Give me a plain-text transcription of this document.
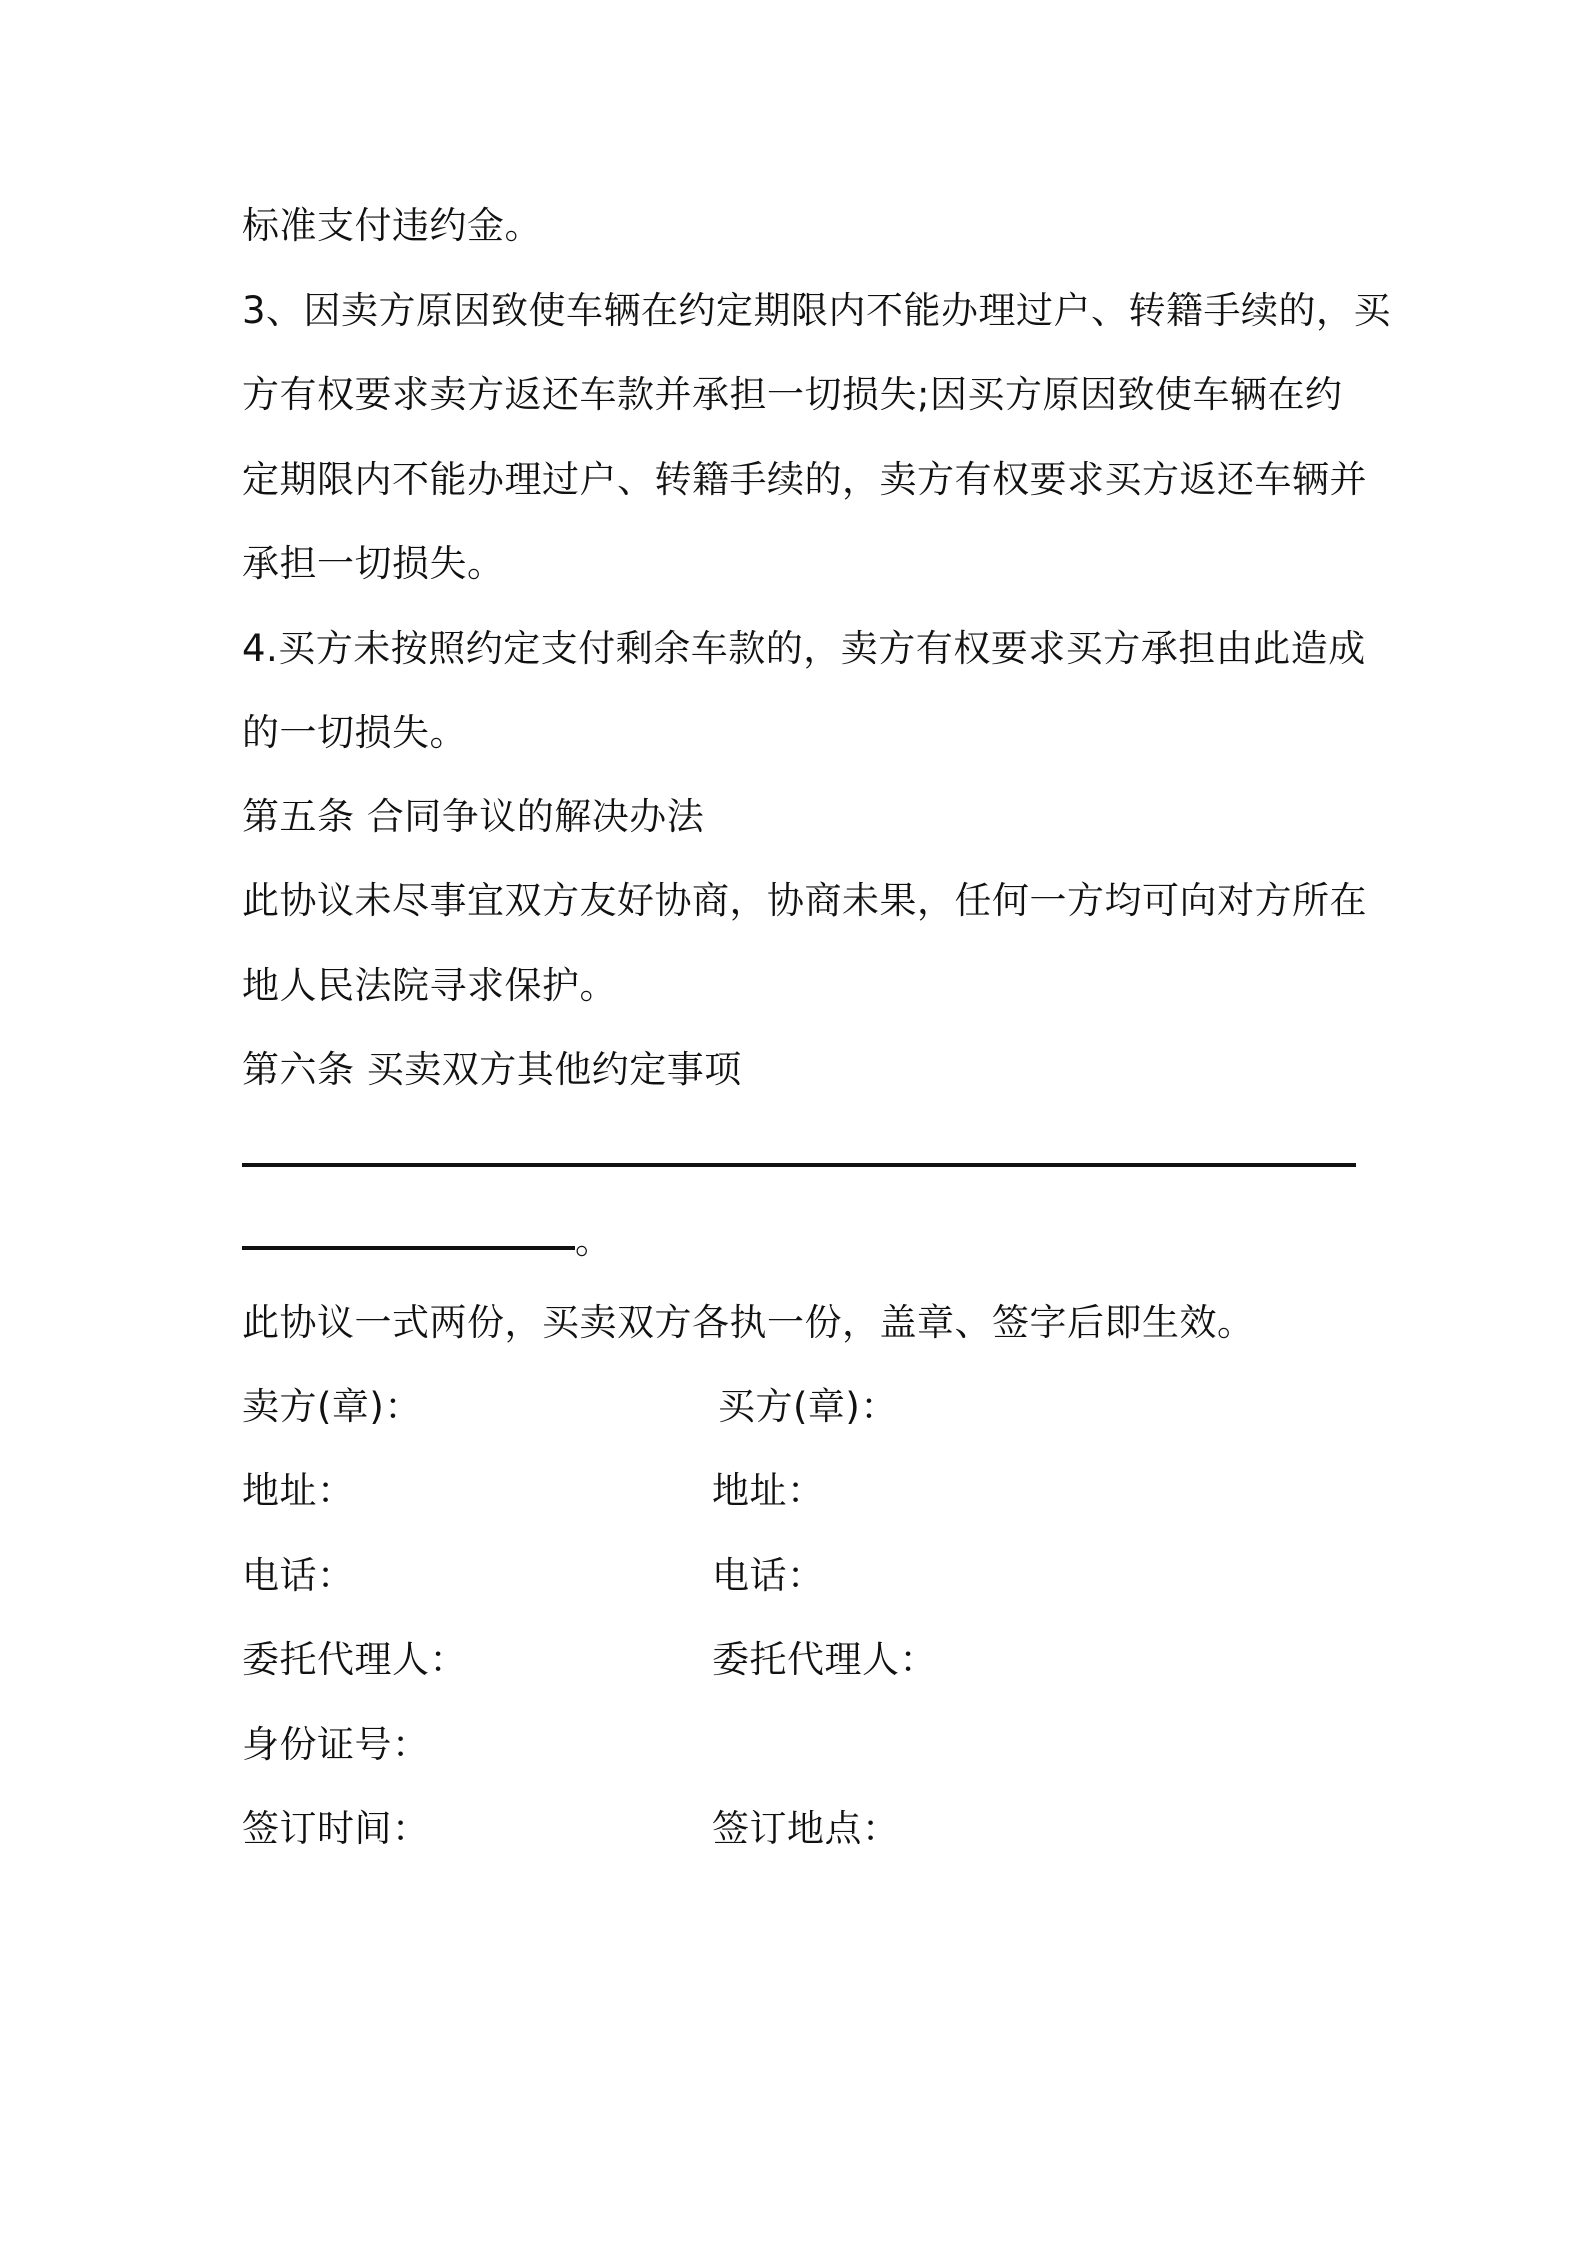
标准支付违约金。
3、因卖方原因致使车辆在约定期限内不能办理过户、转籍手续的，买
方有权要求卖方返还车款并承担一切损失;因买方原因致使车辆在约
定期限内不能办理过户、转籍手续的，卖方有权要求买方返还车辆并
承担一切损失。
4.买方未按照约定支付剩余车款的，卖方有权要求买方承担由此造成
的一切损失。
第五条 合同争议的解决办法
此协议未尽事宜双方友好协商，协商未果，任何一方均可向对方所在
地人民法院寻求保护。
第六条 买卖双方其他约定事项
。
此协议一式两份，买卖双方各执一份，盖章、签字后即生效。
卖方(章)：	买方(章)：
地址：	地址：
电话：	电话：
委托代理人：	委托代理人：
身份证号：
签订时间：	签订地点：
